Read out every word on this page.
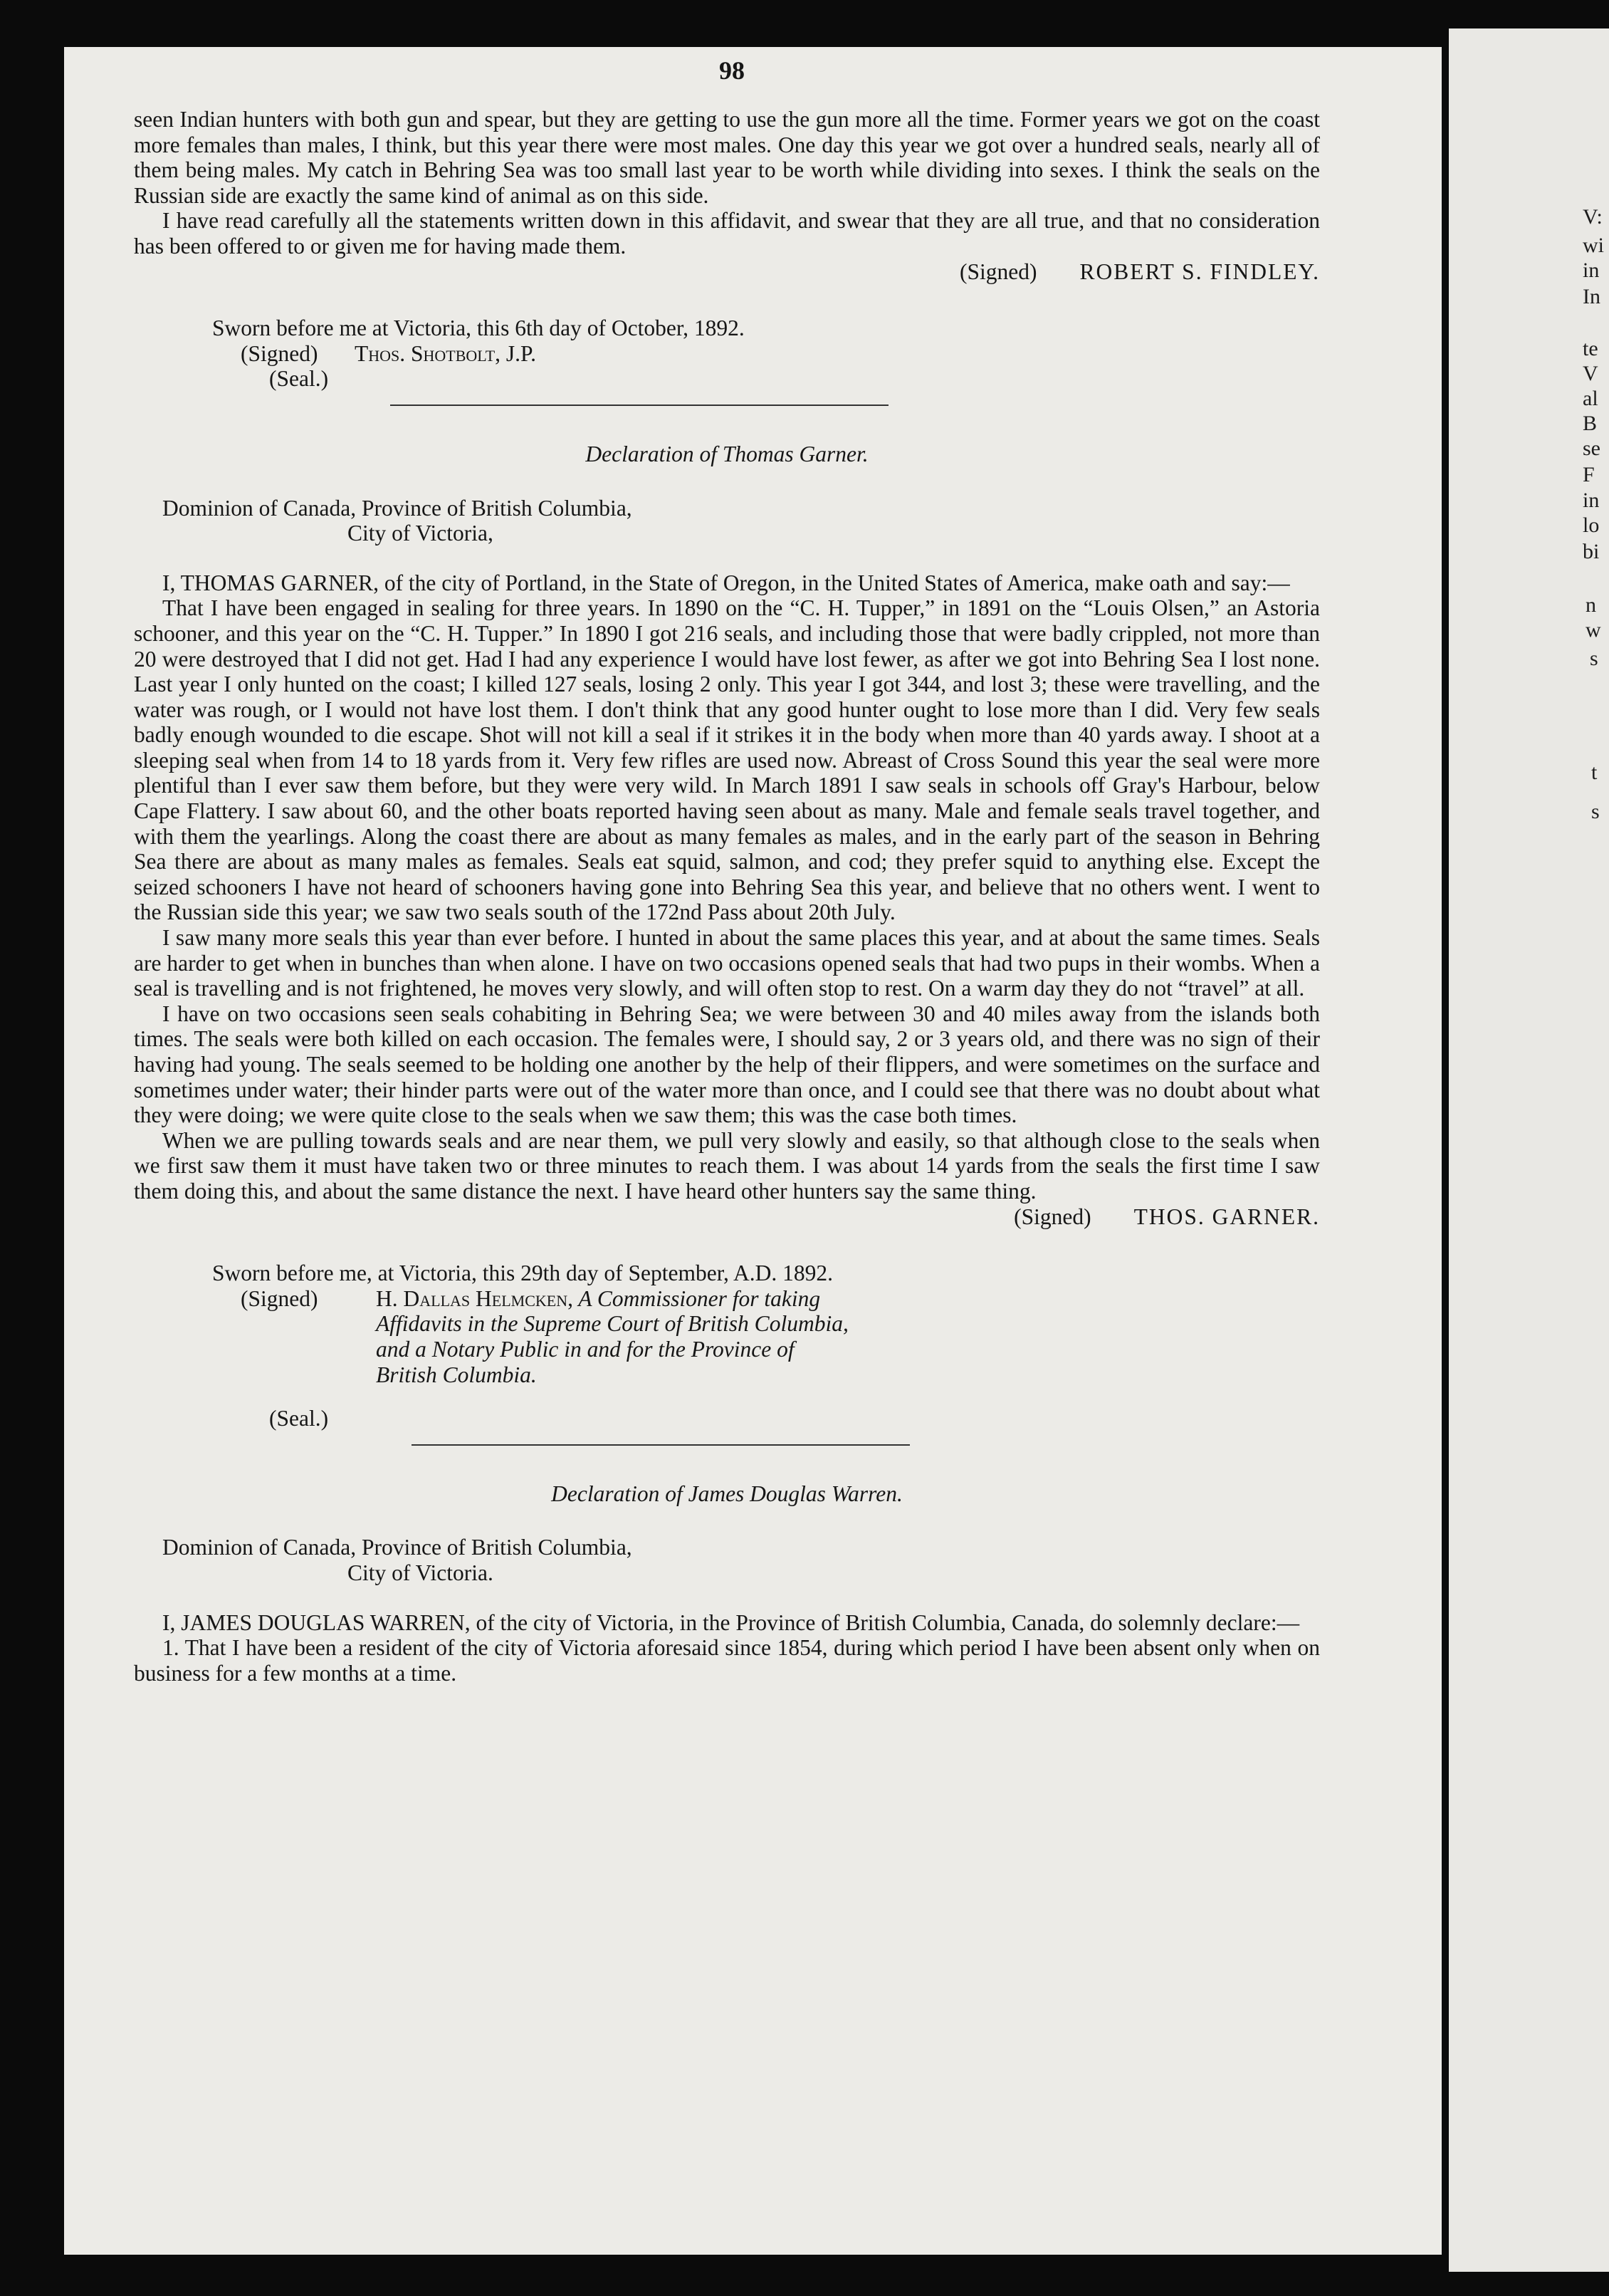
V:
wi
in
In
te
V
al
B
se
F
in
lo
bi
n
w
s
t
s
98

seen Indian hunters with both gun and spear, but they are getting to use the gun more all the time. Former years we got on the coast more females than males, I think, but this year there were most males. One day this year we got over a hundred seals, nearly all of them being males. My catch in Behring Sea was too small last year to be worth while dividing into sexes. I think the seals on the Russian side are exactly the same kind of animal as on this side.

I have read carefully all the statements written down in this affidavit, and swear that they are all true, and that no consideration has been offered to or given me for having made them.

(Signed) ROBERT S. FINDLEY.
Sworn before me at Victoria, this 6th day of October, 1892.
(Signed)	Thos. Shotbolt, J.P.
(Seal.)
Declaration of Thomas Garner.
Dominion of Canada, Province of British Columbia,
City of Victoria,

I, THOMAS GARNER, of the city of Portland, in the State of Oregon, in the United States of America, make oath and say:—

That I have been engaged in sealing for three years. In 1890 on the “C. H. Tupper,” in 1891 on the “Louis Olsen,” an Astoria schooner, and this year on the “C. H. Tupper.” In 1890 I got 216 seals, and including those that were badly crippled, not more than 20 were destroyed that I did not get. Had I had any experience I would have lost fewer, as after we got into Behring Sea I lost none. Last year I only hunted on the coast; I killed 127 seals, losing 2 only. This year I got 344, and lost 3; these were travelling, and the water was rough, or I would not have lost them. I don't think that any good hunter ought to lose more than I did. Very few seals badly enough wounded to die escape. Shot will not kill a seal if it strikes it in the body when more than 40 yards away. I shoot at a sleeping seal when from 14 to 18 yards from it. Very few rifles are used now. Abreast of Cross Sound this year the seal were more plentiful than I ever saw them before, but they were very wild. In March 1891 I saw seals in schools off Gray's Harbour, below Cape Flattery. I saw about 60, and the other boats reported having seen about as many. Male and female seals travel together, and with them the yearlings. Along the coast there are about as many females as males, and in the early part of the season in Behring Sea there are about as many males as females. Seals eat squid, salmon, and cod; they prefer squid to anything else. Except the seized schooners I have not heard of schooners having gone into Behring Sea this year, and believe that no others went. I went to the Russian side this year; we saw two seals south of the 172nd Pass about 20th July.

I saw many more seals this year than ever before. I hunted in about the same places this year, and at about the same times. Seals are harder to get when in bunches than when alone. I have on two occasions opened seals that had two pups in their wombs. When a seal is travelling and is not frightened, he moves very slowly, and will often stop to rest. On a warm day they do not “travel” at all.

I have on two occasions seen seals cohabiting in Behring Sea; we were between 30 and 40 miles away from the islands both times. The seals were both killed on each occasion. The females were, I should say, 2 or 3 years old, and there was no sign of their having had young. The seals seemed to be holding one another by the help of their flippers, and were sometimes on the surface and sometimes under water; their hinder parts were out of the water more than once, and I could see that there was no doubt about what they were doing; we were quite close to the seals when we saw them; this was the case both times.

When we are pulling towards seals and are near them, we pull very slowly and easily, so that although close to the seals when we first saw them it must have taken two or three minutes to reach them. I was about 14 yards from the seals the first time I saw them doing this, and about the same distance the next. I have heard other hunters say the same thing.

(Signed) THOS. GARNER.
Sworn before me, at Victoria, this 29th day of September, A.D. 1892.
(Signed)	H. Dallas Helmcken, A Commissioner for taking Affidavits in the Supreme Court of British Columbia, and a Notary Public in and for the Province of British Columbia.
(Seal.)
Declaration of James Douglas Warren.
Dominion of Canada, Province of British Columbia,
City of Victoria.

I, JAMES DOUGLAS WARREN, of the city of Victoria, in the Province of British Columbia, Canada, do solemnly declare:—

1. That I have been a resident of the city of Victoria aforesaid since 1854, during which period I have been absent only when on business for a few months at a time.
